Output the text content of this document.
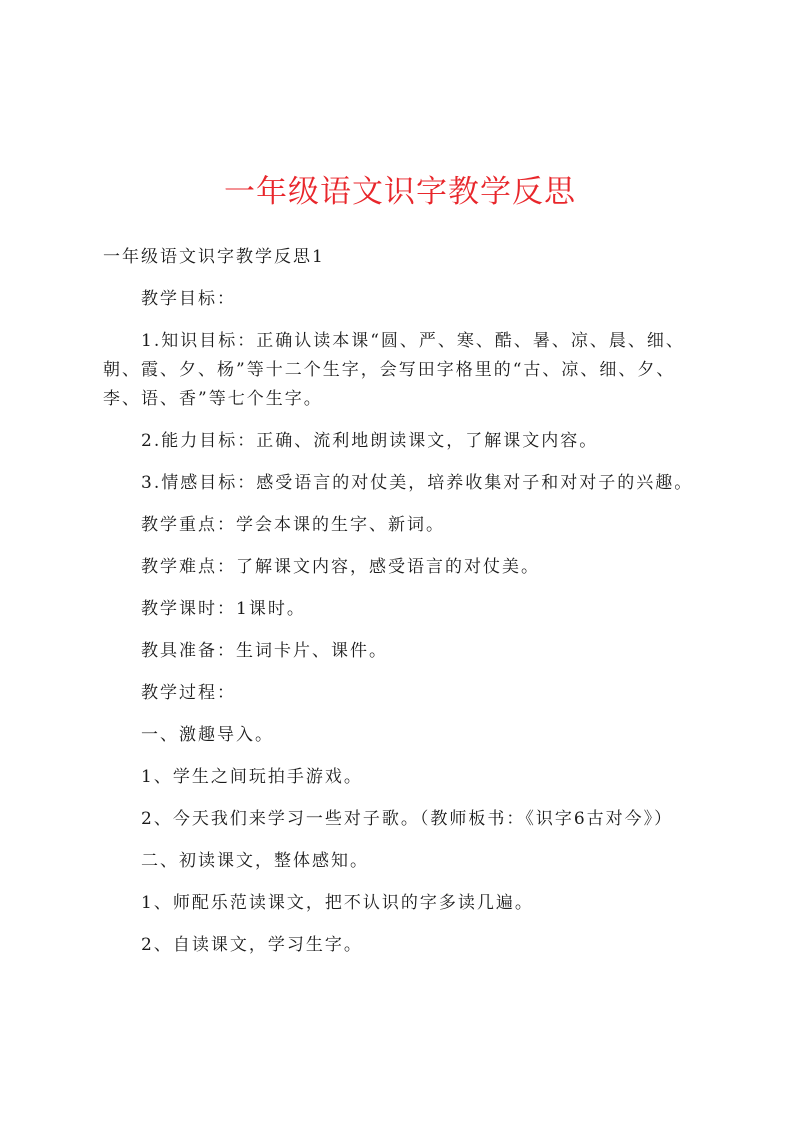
一年级语文识字教学反思

一年级语文识字教学反思1

教学目标：

1.知识目标：正确认读本课“圆、严、寒、酷、暑、凉、晨、细、朝、霞、夕、杨”等十二个生字，会写田字格里的“古、凉、细、夕、李、语、香”等七个生字。

2.能力目标：正确、流利地朗读课文，了解课文内容。

3.情感目标：感受语言的对仗美，培养收集对子和对对子的兴趣。

教学重点：学会本课的生字、新词。

教学难点：了解课文内容，感受语言的对仗美。

教学课时：1课时。

教具准备：生词卡片、课件。

教学过程：

一、激趣导入。

1、学生之间玩拍手游戏。

2、今天我们来学习一些对子歌。（教师板书：《识字6古对今》）

二、初读课文，整体感知。

1、师配乐范读课文，把不认识的字多读几遍。

2、自读课文，学习生字。
